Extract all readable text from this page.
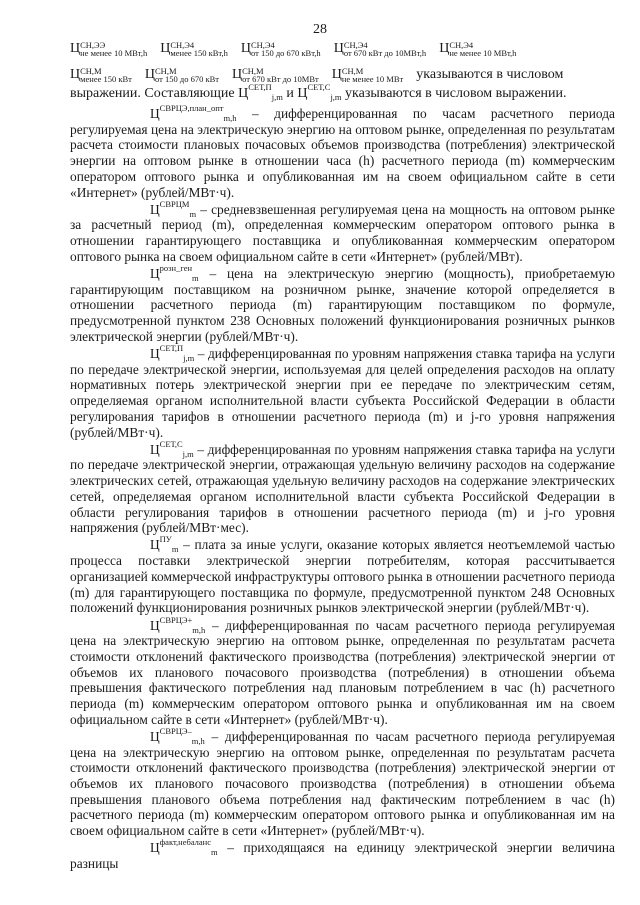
28
Ц СН,ЭЭ
не менее 10 МВт,h Ц СН,Э4
менее 150 кВт,h Ц СН,Э4
от 150 до 670 кВт,h Ц СН,Э4
от 670 кВт до 10МВт,h Ц СН,Э4
не менее 10 МВт,h
Ц СН,М
менее 150 кВт Ц СН,М
от 150 до 670 кВт Ц СН,М
от 670 кВт до 10МВт Ц СН,М
не менее 10 МВт указываются в числовом
выражении. Составляющие $Ц^{СЕТ,П}_{j,m}$ и $Ц^{СЕТ,С}_{j,m}$ указываются в числовом выражении.

$Ц^{СВРЦЭ,план\_опт}_{m,h}$ – дифференцированная по часам расчетного периода регулируемая цена на электрическую энергию на оптовом рынке, определенная по результатам расчета стоимости плановых почасовых объемов производства (потребления) электрической энергии на оптовом рынке в отношении часа (h) расчетного периода (m) коммерческим оператором оптового рынка и опубликованная им на своем официальном сайте в сети «Интернет» (рублей/МВт·ч).

$Ц^{СВРЦМ}_m$ – средневзвешенная регулируемая цена на мощность на оптовом рынке за расчетный период (m), определенная коммерческим оператором оптового рынка в отношении гарантирующего поставщика и опубликованная коммерческим оператором оптового рынка на своем официальном сайте в сети «Интернет» (рублей/МВт).

$Ц^{розн\_ген}_m$ – цена на электрическую энергию (мощность), приобретаемую гарантирующим поставщиком на розничном рынке, значение которой определяется в отношении расчетного периода (m) гарантирующим поставщиком по формуле, предусмотренной пунктом 238 Основных положений функционирования розничных рынков электрической энергии (рублей/МВт·ч).

$Ц^{СЕТ,П}_{j,m}$ – дифференцированная по уровням напряжения ставка тарифа на услуги по передаче электрической энергии, используемая для целей определения расходов на оплату нормативных потерь электрической энергии при ее передаче по электрическим сетям, определяемая органом исполнительной власти субъекта Российской Федерации в области регулирования тарифов в отношении расчетного периода (m) и j-го уровня напряжения (рублей/МВт·ч).

$Ц^{СЕТ,С}_{j,m}$ – дифференцированная по уровням напряжения ставка тарифа на услуги по передаче электрической энергии, отражающая удельную величину расходов на содержание электрических сетей, отражающая удельную величину расходов на содержание электрических сетей, определяемая органом исполнительной власти субъекта Российской Федерации в области регулирования тарифов в отношении расчетного периода (m) и j-го уровня напряжения (рублей/МВт·мес).

$Ц^{ПУ}_m$ – плата за иные услуги, оказание которых является неотъемлемой частью процесса поставки электрической энергии потребителям, которая рассчитывается организацией коммерческой инфраструктуры оптового рынка в отношении расчетного периода (m) для гарантирующего поставщика по формуле, предусмотренной пунктом 248 Основных положений функционирования розничных рынков электрической энергии (рублей/МВт·ч).

$Ц^{СВРЦЭ+}_{m,h}$ – дифференцированная по часам расчетного периода регулируемая цена на электрическую энергию на оптовом рынке, определенная по результатам расчета стоимости отклонений фактического производства (потребления) электрической энергии от объемов их планового почасового производства (потребления) в отношении объема превышения фактического потребления над плановым потреблением в час (h) расчетного периода (m) коммерческим оператором оптового рынка и опубликованная им на своем официальном сайте в сети «Интернет» (рублей/МВт·ч).

$Ц^{СВРЦЭ-}_{m,h}$ – дифференцированная по часам расчетного периода регулируемая цена на электрическую энергию на оптовом рынке, определенная по результатам расчета стоимости отклонений фактического производства (потребления) электрической энергии от объемов их планового почасового производства (потребления) в отношении объема превышения планового объема потребления над фактическим потреблением в час (h) расчетного периода (m) коммерческим оператором оптового рынка и опубликованная им на своем официальном сайте в сети «Интернет» (рублей/МВт·ч).

$Ц^{факт,небаланс}_m$ – приходящаяся на единицу электрической энергии величина разницы
